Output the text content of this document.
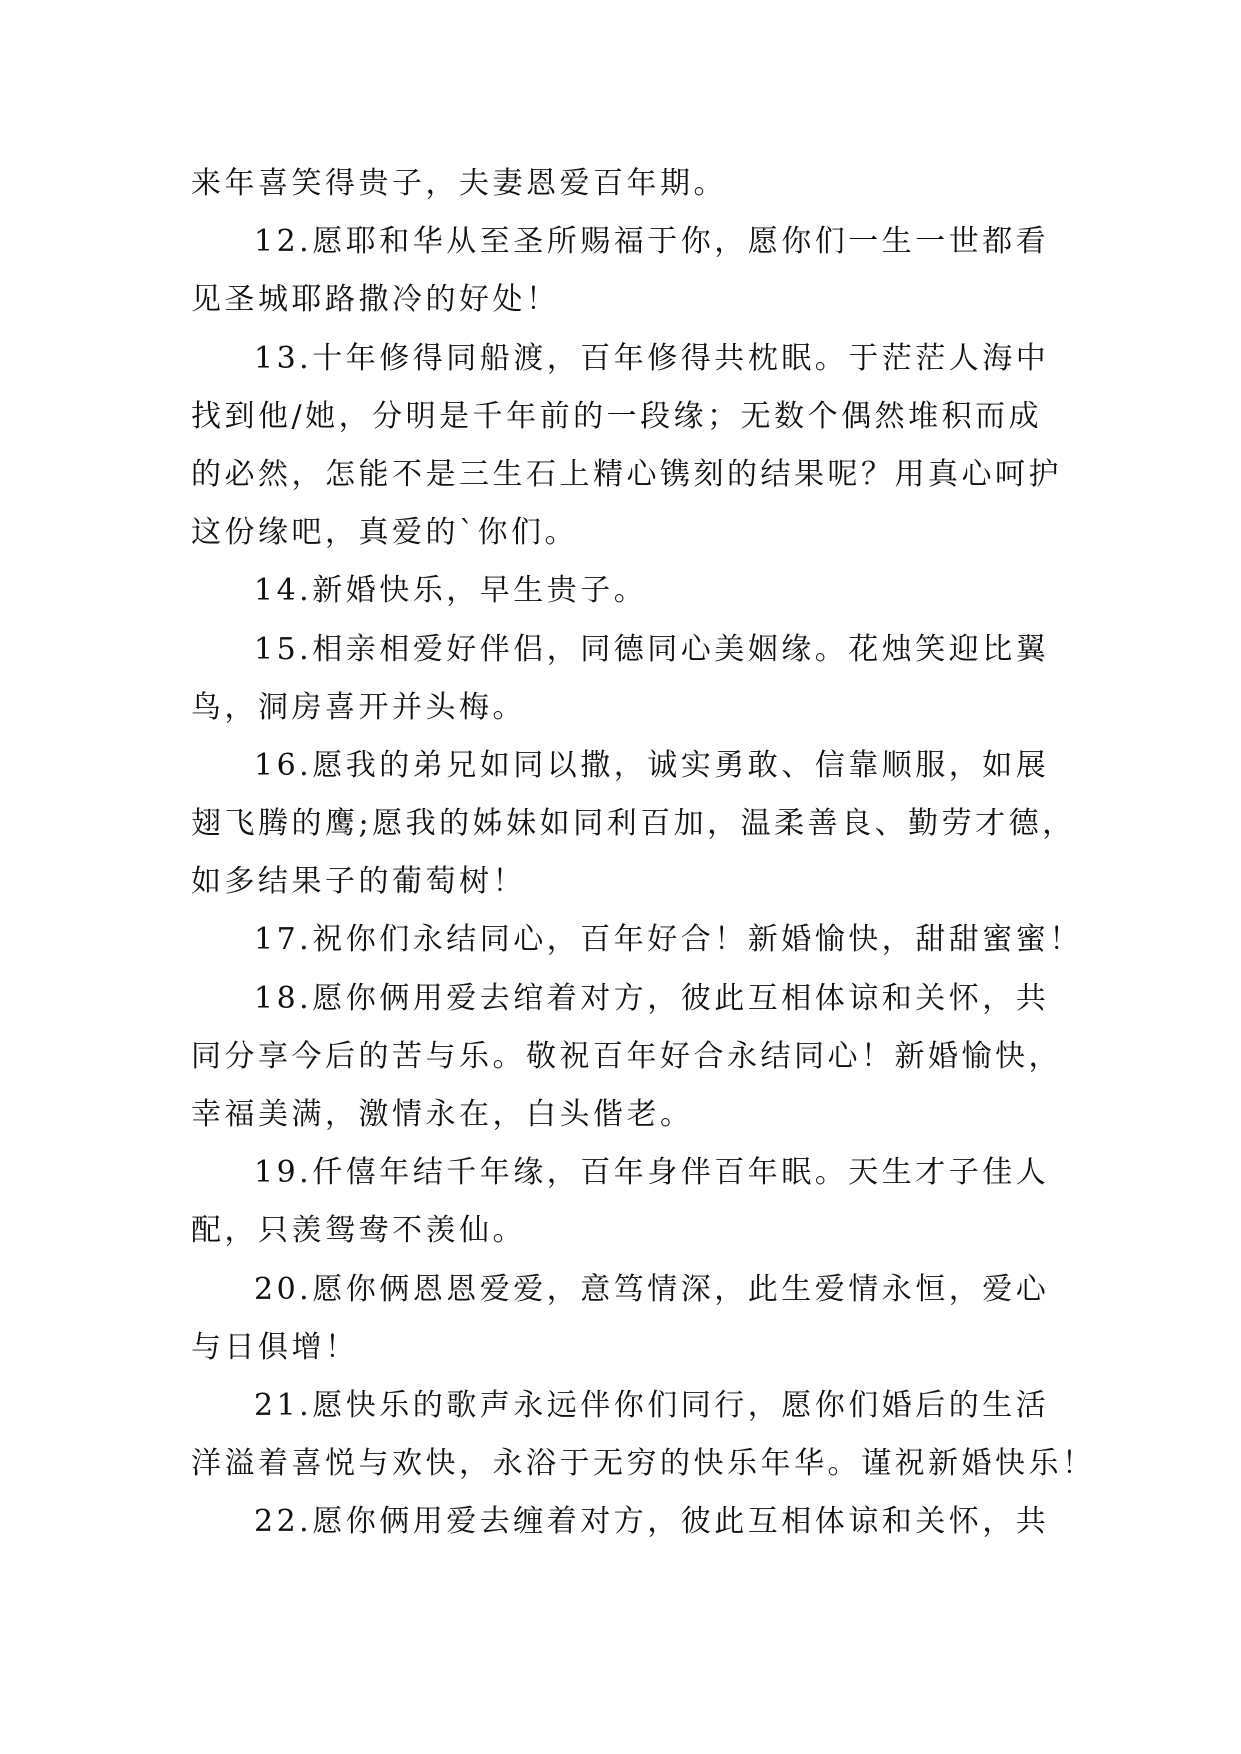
来年喜笑得贵子，夫妻恩爱百年期。
12.愿耶和华从至圣所赐福于你，愿你们一生一世都看
见圣城耶路撒冷的好处！
13.十年修得同船渡，百年修得共枕眠。于茫茫人海中
找到他/她，分明是千年前的一段缘；无数个偶然堆积而成
的必然，怎能不是三生石上精心镌刻的结果呢？用真心呵护
这份缘吧，真爱的`你们。
14.新婚快乐，早生贵子。
15.相亲相爱好伴侣，同德同心美姻缘。花烛笑迎比翼
鸟，洞房喜开并头梅。
16.愿我的弟兄如同以撒，诚实勇敢、信靠顺服，如展
翅飞腾的鹰;愿我的姊妹如同利百加，温柔善良、勤劳才德，
如多结果子的葡萄树！
17.祝你们永结同心，百年好合！新婚愉快，甜甜蜜蜜！
18.愿你俩用爱去绾着对方，彼此互相体谅和关怀，共
同分享今后的苦与乐。敬祝百年好合永结同心！新婚愉快，
幸福美满，激情永在，白头偕老。
19.仟僖年结千年缘，百年身伴百年眠。天生才子佳人
配，只羡鸳鸯不羡仙。
20.愿你俩恩恩爱爱，意笃情深，此生爱情永恒，爱心
与日俱增！
21.愿快乐的歌声永远伴你们同行，愿你们婚后的生活
洋溢着喜悦与欢快，永浴于无穷的快乐年华。谨祝新婚快乐！
22.愿你俩用爱去缠着对方，彼此互相体谅和关怀，共
